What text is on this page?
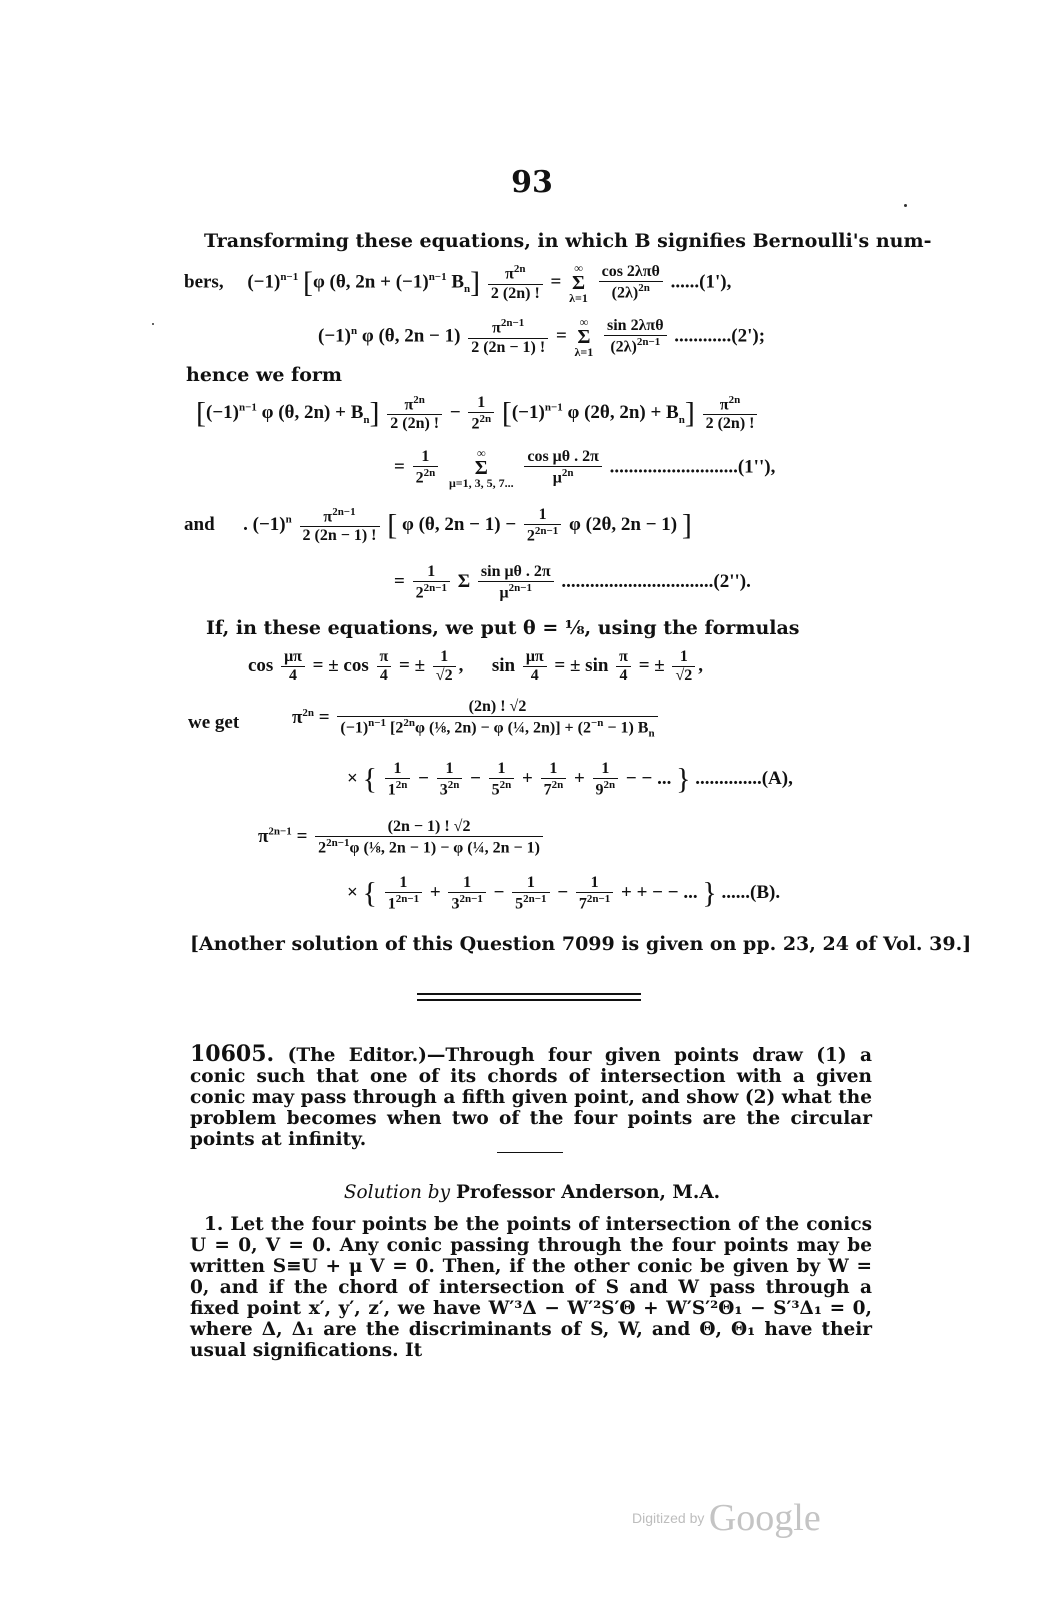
93
Transforming these equations, in which B signifies Bernoulli's num-
bers,     $(-1)^{n-1}$ [φ (θ, $2n + (-1)^{n-1}$ $B_n] \frac{\pi^{2n}}{2 (2n) !}$ = ∞
Σ
$\lambda=1 \frac{\text{cos 2λπθ}}{(2\lambda)^{2n}} ......(1')$,
$(-1)^n$ φ (θ, $2n - 1) \frac{\pi^{2n-1}}{2 (2n - 1) !}$ = ∞
Σ
$\lambda=1 \frac{\text{sin 2λπθ}}{(2\lambda)^{2n-1}} ............(2')$;
hence we form
[$(-1)^{n-1}$ φ (θ, $2n) + B_n] \frac{\pi^{2n}}{2 (2n) !} - \frac{1}{2^{2n}} [(-1)^{n-1}$ φ (2θ, $2n) + B_n] \frac{\pi^{2n}}{2 (2n) !}$
= $\frac{1}{2^{2n}}$	∞
Σ
μ=1, 3, 5, 7... $\frac{\text{cos μθ . 2π}}{\mu^{2n}} ...........................(1'')$,
and      . $(-1)^n \frac{\pi^{2n-1}}{2 (2n - 1) !}$ [ φ (θ, $2n - 1) - \frac{1}{2^{2n-1}}$ φ (2θ, 2n − 1) ]
= $\frac{1}{2^{2n-1}}$ Σ $\frac{\text{sin μθ . 2π}}{\mu^{2n-1}} ................................(2'')$.
If, in these equations, we put θ = ⅛, using the formulas
$\cos \frac{\mu\pi}{4}$ = ± $\cos \frac{\pi}{4}$ = ± $\frac{1}{√2}$ ,      $\sin \frac{\mu\pi}{4}$ = ± $\sin \frac{\pi}{4}$ = ± $\frac{1}{√2}$ ,
we get	$\pi^{2n} = \frac{(2n) ! √2}{(-1)^{n-1} [2^{2n}\varphi (\frac{1}{8}, 2n) - \varphi (\frac{1}{4}, 2n)] + (2^{-n} - 1) B_n}$
× { $\frac{1}{1^{2n}} - \frac{1}{3^{2n}} - \frac{1}{5^{2n}} + \frac{1}{7^{2n}} + \frac{1}{9^{2n}}$ − − ... } ..............(A),
$\pi^{2n-1} = \frac{(2n - 1) ! √2}{2^{2n-1}\varphi (\frac{1}{8}, 2n - 1) - \varphi (\frac{1}{4}, 2n - 1)}$
× { $\frac{1}{1^{2n-1}} + \frac{1}{3^{2n-1}} - \frac{1}{5^{2n-1}} - \frac{1}{7^{2n-1}}$ + + − − ... } ......(B).
[Another solution of this Question 7099 is given on pp. 23, 24 of Vol. 39.]
10605. (The Editor.)—Through four given points draw (1) a conic such that one of its chords of intersection with a given conic may pass through a fifth given point, and show (2) what the problem becomes when two of the four points are the circular points at infinity.
Solution by Professor Anderson, M.A.
1. Let the four points be the points of intersection of the conics U = 0, V = 0. Any conic passing through the four points may be written S≡U + μ V = 0. Then, if the other conic be given by W = 0, and if the chord of intersection of S and W pass through a fixed point x′, y′, z′, we have W′³Δ − W′²S′Θ + W′S′²Θ₁ − S′³Δ₁ = 0, where Δ, Δ₁ are the discriminants of S, W, and Θ, Θ₁ have their usual significations. It
Digitized by Google
